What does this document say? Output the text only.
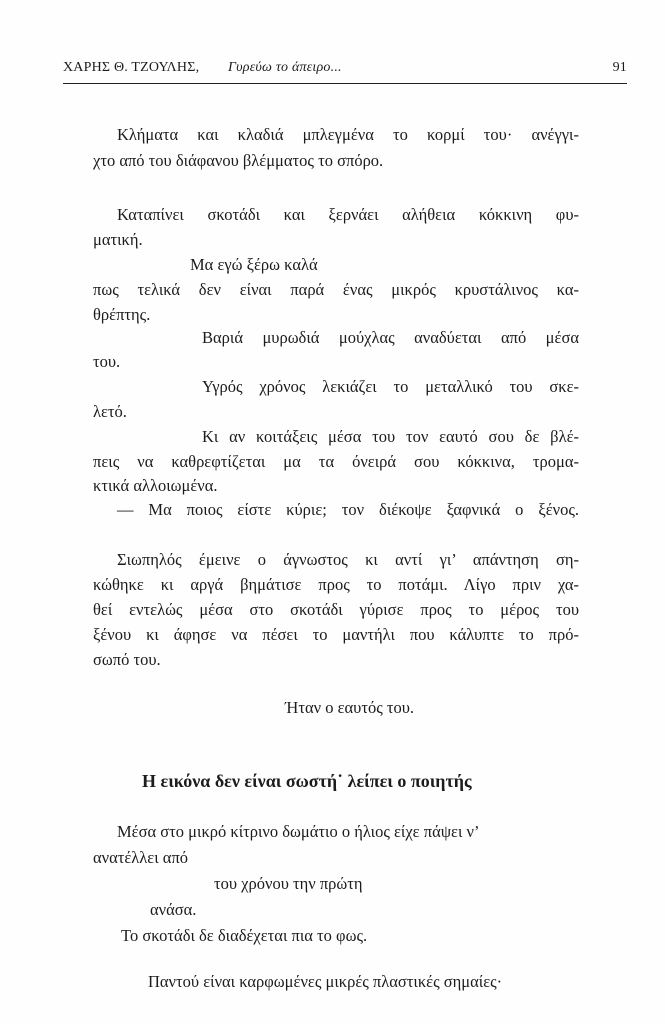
ΧΑΡΗΣ Θ. ΤΖΟΥΛΗΣ, Γυρεύω το άπειρο...	91
Κλήματα και κλαδιά μπλεγμένα το κορμί του· ανέγγι-
χτο από του διάφανου βλέμματος το σπόρο.
Καταπίνει σκοτάδι και ξερνάει αλήθεια κόκκινη φυ-
ματική.
Μα εγώ ξέρω καλά
πως τελικά δεν είναι παρά ένας μικρός κρυστάλινος κα-
θρέπτης.
Βαριά μυρωδιά μούχλας αναδύεται από μέσα
του.
Υγρός χρόνος λεκιάζει το μεταλλικό του σκε-
λετό.
Κι αν κοιτάξεις μέσα του τον εαυτό σου δε βλέ-
πεις να καθρεφτίζεται μα τα όνειρά σου κόκκινα, τρομα-
κτικά αλλοιωμένα.
— Μα ποιος είστε κύριε; τον διέκοψε ξαφνικά ο ξένος.
Σιωπηλός έμεινε ο άγνωστος κι αντί γι’ απάντηση ση-
κώθηκε κι αργά βημάτισε προς το ποτάμι. Λίγο πριν χα-
θεί εντελώς μέσα στο σκοτάδι γύρισε προς το μέρος του
ξένου κι άφησε να πέσει το μαντήλι που κάλυπτε το πρό-
σωπό του.
Ήταν ο εαυτός του.
Η εικόνα δεν είναι σωστή˙ λείπει ο ποιητής
Μέσα στο μικρό κίτρινο δωμάτιο ο ήλιος είχε πάψει ν’
ανατέλλει από
του χρόνου την πρώτη
ανάσα.
Το σκοτάδι δε διαδέχεται πια το φως.
Παντού είναι καρφωμένες μικρές πλαστικές σημαίες·
